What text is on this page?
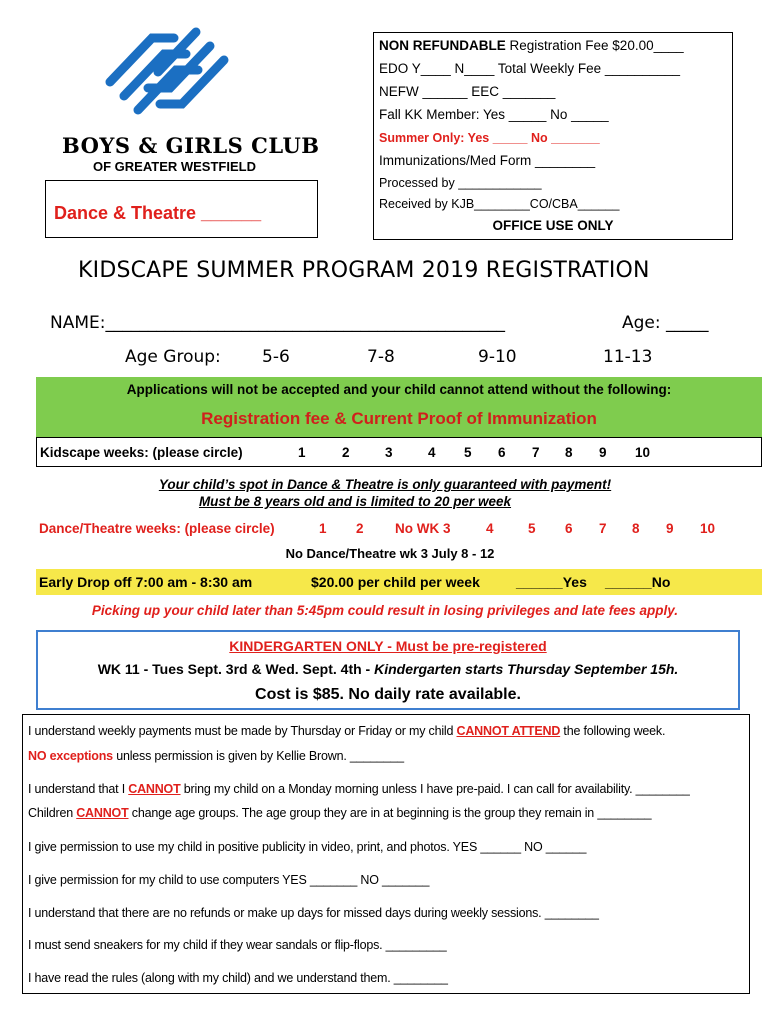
BOYS & GIRLS CLUB
OF GREATER WESTFIELD
Dance & Theatre ______
NON REFUNDABLE Registration Fee $20.00____
EDO Y____ N____ Total Weekly Fee __________
NEFW ______ EEC _______
Fall KK Member: Yes _____ No _____
Summer Only: Yes _____ No _______
Immunizations/Med Form ________
Processed by ____________
Received by KJB________CO/CBA______
OFFICE USE ONLY
KIDSCAPE SUMMER PROGRAM 2019 REGISTRATION
NAME:_______________________________________________	Age: _____
Age Group: 5-6	7-8	9-10	11-13
Applications will not be accepted and your child cannot attend without the following:
Registration fee & Current Proof of Immunization
Kidscape weeks: (please circle)	1	2	3	4 5 6 7 8 9 10
Your child’s spot in Dance & Theatre is only guaranteed with payment!
Must be 8 years old and is limited to 20 per week
Dance/Theatre weeks: (please circle)	1 2 No WK 3	4	5 6 7 8 9 10
No Dance/Theatre wk 3 July 8 - 12
Early Drop off 7:00 am - 8:30 am	$20.00 per child per week	______Yes ______No
Picking up your child later than 5:45pm could result in losing privileges and late fees apply.
KINDERGARTEN ONLY - Must be pre-registered
WK 11 - Tues Sept. 3rd & Wed. Sept. 4th - Kindergarten starts Thursday September 15h.
Cost is $85. No daily rate available.
I understand weekly payments must be made by Thursday or Friday or my child CANNOT ATTEND the following week.
NO exceptions unless permission is given by Kellie Brown. ________
I understand that I CANNOT bring my child on a Monday morning unless I have pre-paid. I can call for availability. ________
Children CANNOT change age groups. The age group they are in at beginning is the group they remain in ________
I give permission to use my child in positive publicity in video, print, and photos. YES ______ NO ______
I give permission for my child to use computers YES _______ NO _______
I understand that there are no refunds or make up days for missed days during weekly sessions. ________
I must send sneakers for my child if they wear sandals or flip-flops. _________
I have read the rules (along with my child) and we understand them. ________
